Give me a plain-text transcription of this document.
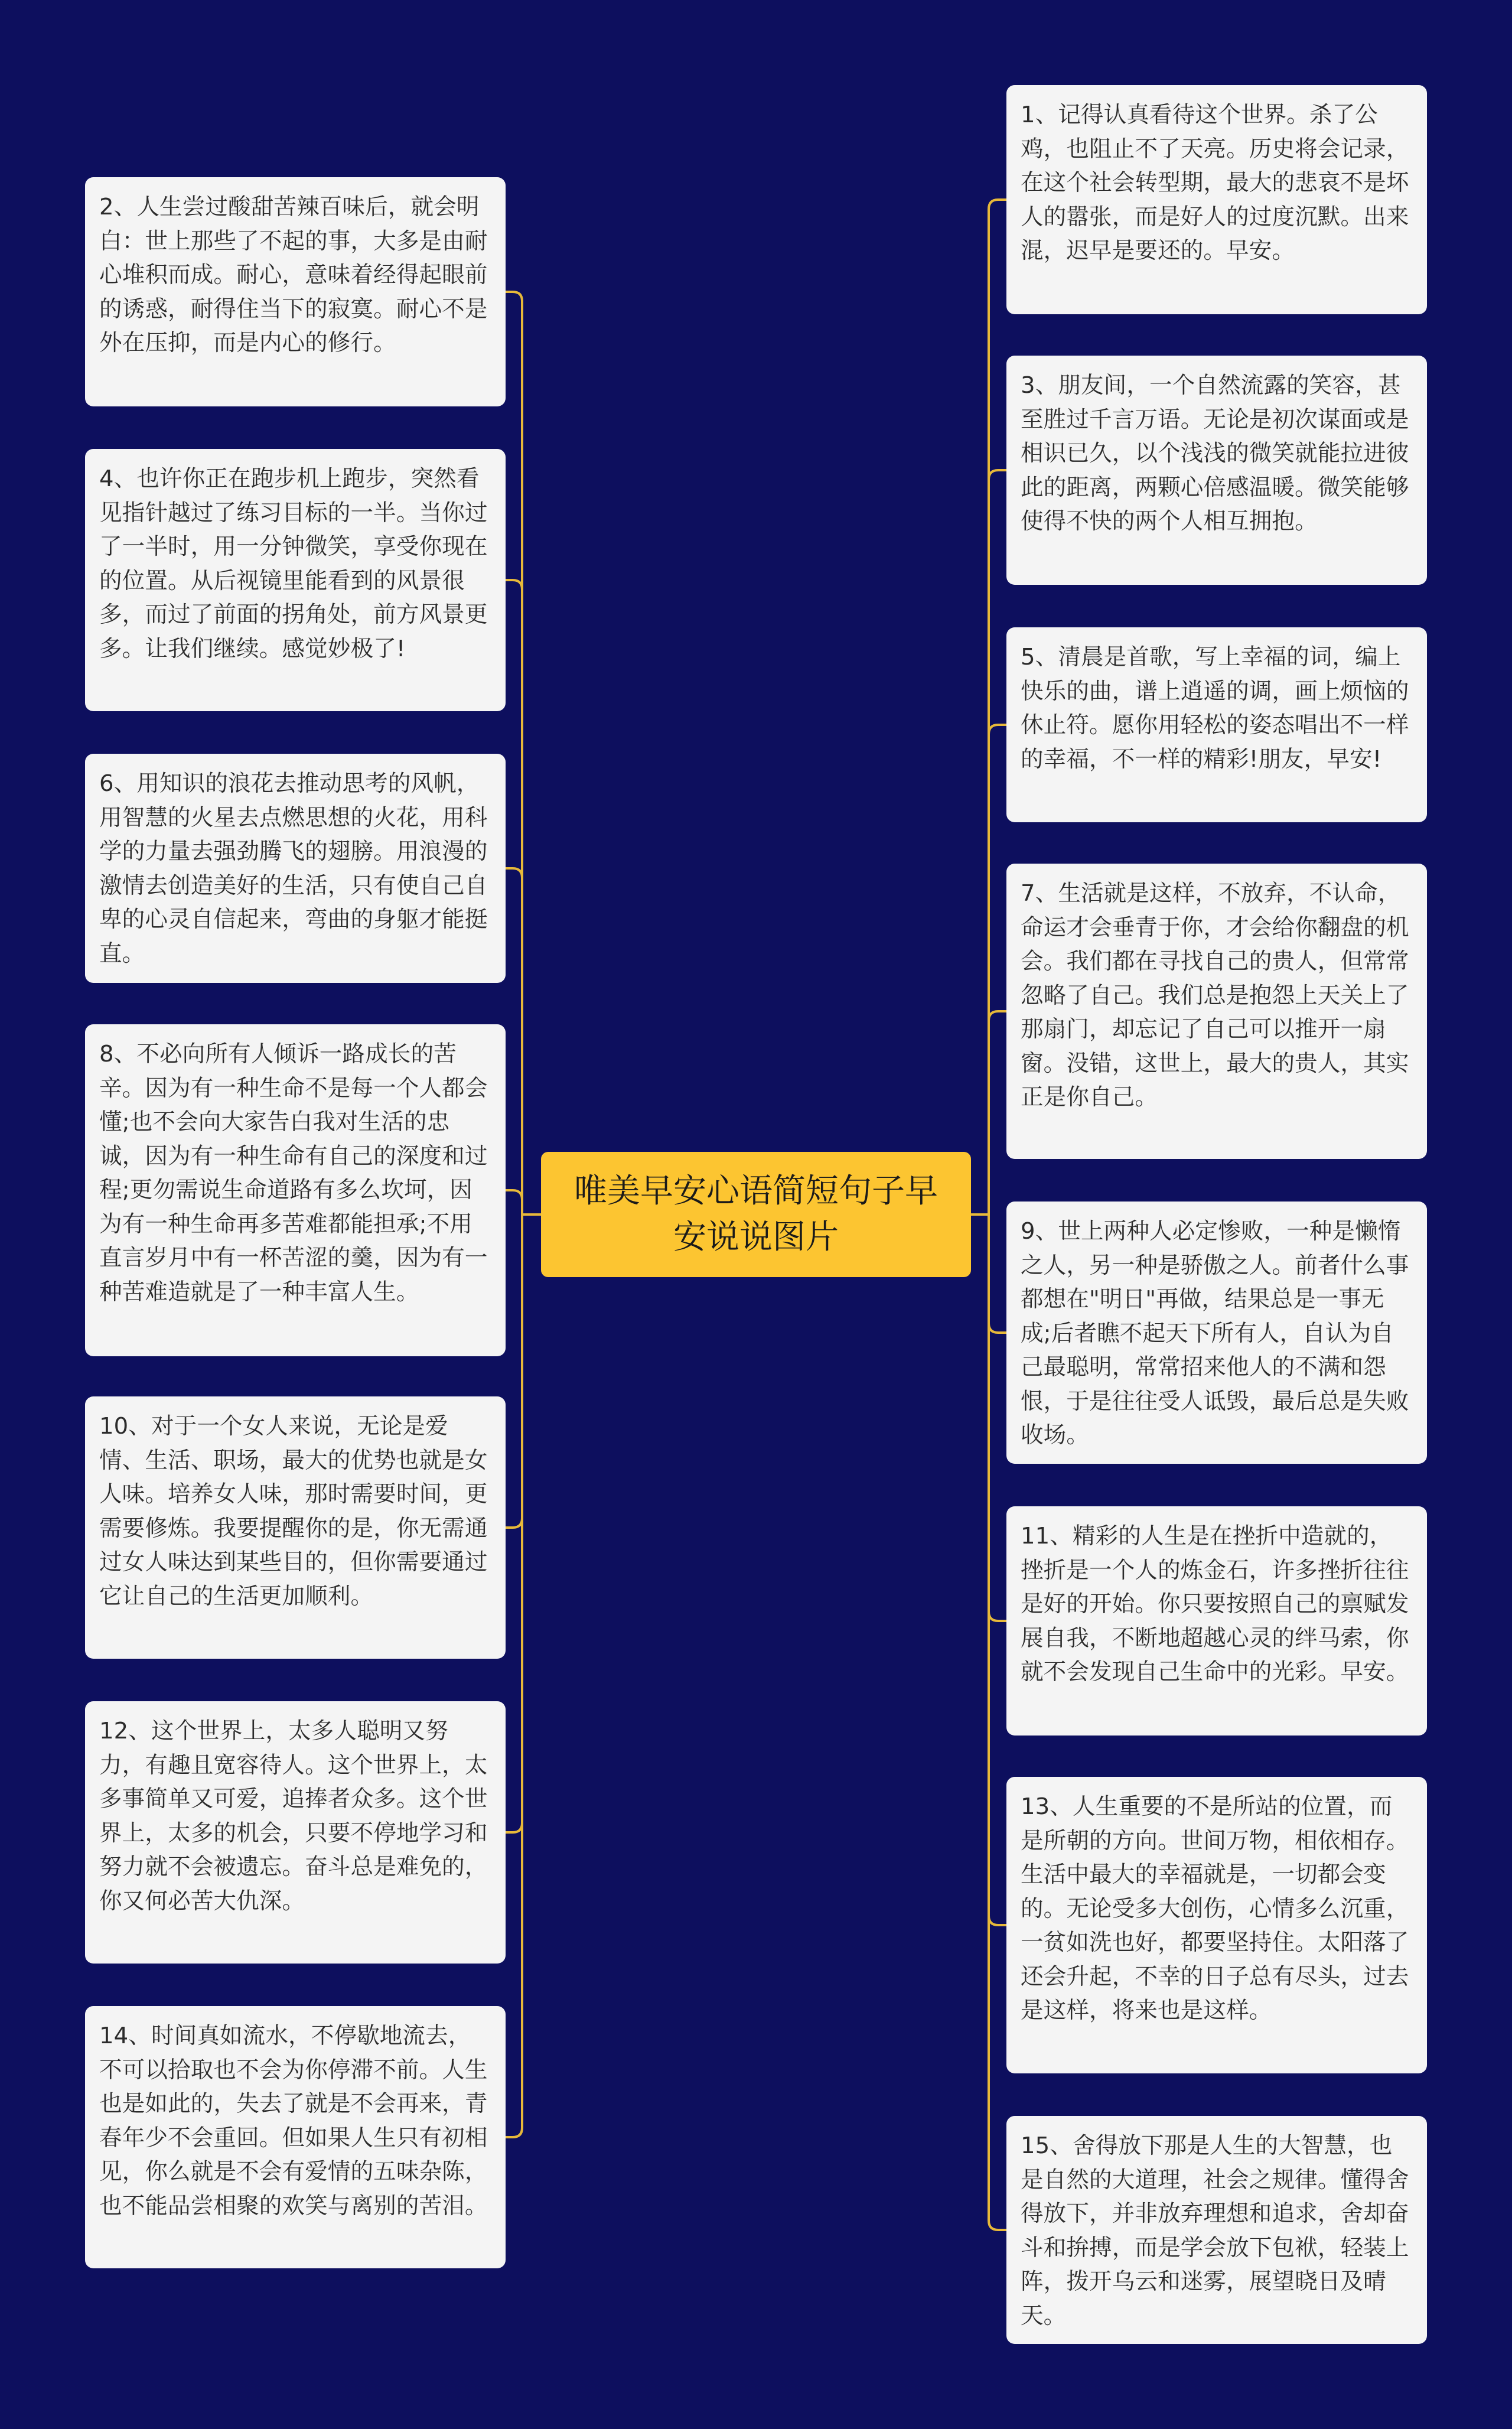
唯美早安心语简短句子早安说说图片
2、人生尝过酸甜苦辣百味后，就会明白：世上那些了不起的事，大多是由耐心堆积而成。耐心，意味着经得起眼前的诱惑，耐得住当下的寂寞。耐心不是外在压抑，而是内心的修行。
4、也许你正在跑步机上跑步，突然看见指针越过了练习目标的一半。当你过了一半时，用一分钟微笑，享受你现在的位置。从后视镜里能看到的风景很多，而过了前面的拐角处，前方风景更多。让我们继续。感觉妙极了!
6、用知识的浪花去推动思考的风帆，用智慧的火星去点燃思想的火花，用科学的力量去强劲腾飞的翅膀。用浪漫的激情去创造美好的生活，只有使自己自卑的心灵自信起来，弯曲的身躯才能挺直。
8、不必向所有人倾诉一路成长的苦辛。因为有一种生命不是每一个人都会懂;也不会向大家告白我对生活的忠诚，因为有一种生命有自己的深度和过程;更勿需说生命道路有多么坎坷，因为有一种生命再多苦难都能担承;不用直言岁月中有一杯苦涩的羹，因为有一种苦难造就是了一种丰富人生。
10、对于一个女人来说，无论是爱情、生活、职场，最大的优势也就是女人味。培养女人味，那时需要时间，更需要修炼。我要提醒你的是，你无需通过女人味达到某些目的，但你需要通过它让自己的生活更加顺利。
12、这个世界上，太多人聪明又努力，有趣且宽容待人。这个世界上，太多事简单又可爱，追捧者众多。这个世界上，太多的机会，只要不停地学习和努力就不会被遗忘。奋斗总是难免的，你又何必苦大仇深。
14、时间真如流水，不停歇地流去，不可以拾取也不会为你停滞不前。人生也是如此的，失去了就是不会再来，青春年少不会重回。但如果人生只有初相见，你么就是不会有爱情的五味杂陈，也不能品尝相聚的欢笑与离别的苦泪。
1、记得认真看待这个世界。杀了公鸡，也阻止不了天亮。历史将会记录，在这个社会转型期，最大的悲哀不是坏人的嚣张，而是好人的过度沉默。出来混，迟早是要还的。早安。
3、朋友间，一个自然流露的笑容，甚至胜过千言万语。无论是初次谋面或是相识已久，以个浅浅的微笑就能拉进彼此的距离，两颗心倍感温暖。微笑能够使得不快的两个人相互拥抱。
5、清晨是首歌，写上幸福的词，编上快乐的曲，谱上逍遥的调，画上烦恼的休止符。愿你用轻松的姿态唱出不一样的幸福，不一样的精彩!朋友，早安!
7、生活就是这样，不放弃，不认命，命运才会垂青于你，才会给你翻盘的机会。我们都在寻找自己的贵人，但常常忽略了自己。我们总是抱怨上天关上了那扇门，却忘记了自己可以推开一扇窗。没错，这世上，最大的贵人，其实正是你自己。
9、世上两种人必定惨败，一种是懒惰之人，另一种是骄傲之人。前者什么事都想在"明日"再做，结果总是一事无成;后者瞧不起天下所有人，自认为自己最聪明，常常招来他人的不满和怨恨，于是往往受人诋毁，最后总是失败收场。
11、精彩的人生是在挫折中造就的，挫折是一个人的炼金石，许多挫折往往是好的开始。你只要按照自己的禀赋发展自我，不断地超越心灵的绊马索，你就不会发现自己生命中的光彩。早安。
13、人生重要的不是所站的位置，而是所朝的方向。世间万物，相依相存。生活中最大的幸福就是，一切都会变的。无论受多大创伤，心情多么沉重，一贫如洗也好，都要坚持住。太阳落了还会升起，不幸的日子总有尽头，过去是这样，将来也是这样。
15、舍得放下那是人生的大智慧，也是自然的大道理，社会之规律。懂得舍得放下，并非放弃理想和追求，舍却奋斗和拚搏，而是学会放下包袱，轻装上阵，拨开乌云和迷雾，展望晓日及晴天。
